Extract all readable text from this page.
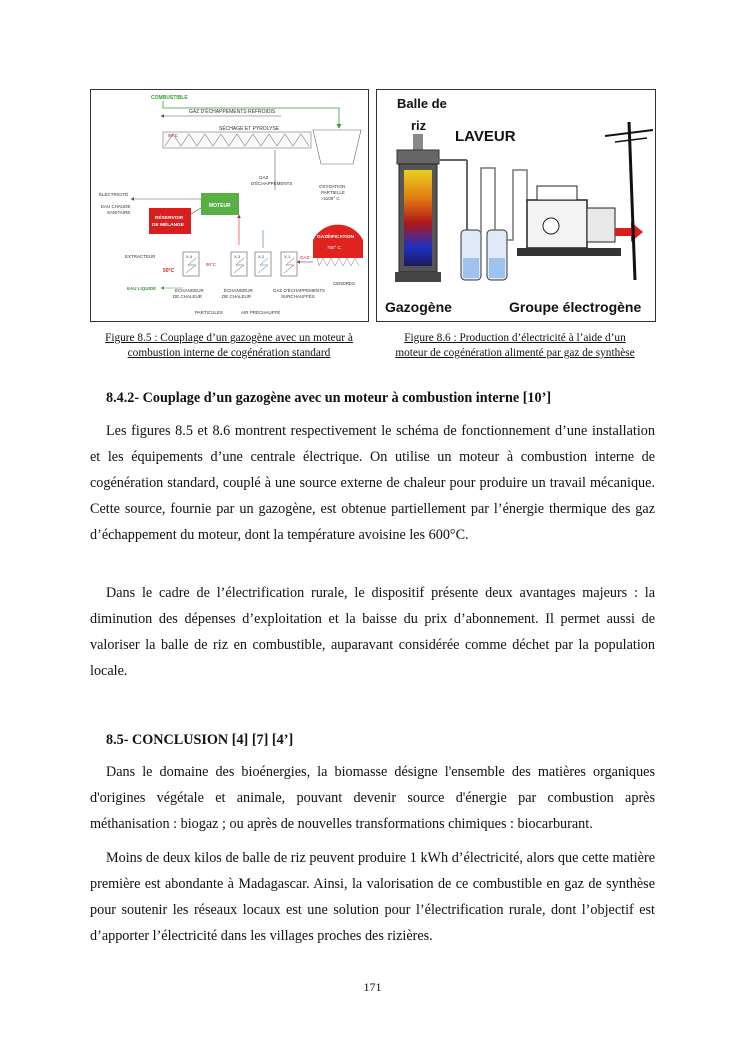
COMBUSTIBLE
GAZ D'ÉCHAPPEMENTS REFROIDIS
SÉCHAGE ET PYROLYSE
90°C
OXYDATION
PARTIELLE
>1100° C
GAZÉIFICATION
750° C
CENDRES
GAZ
D'ÉCHAPPEMENTS
ÉLECTRICITÉ
EAU CHAUDE
SANITAIRE
MOTEUR
RÉSERVOIR
DE MÉLANGE
EXTRACTEUR	X-4	X-3	X-2	X-1 GAZ
90°C
50°C
EAU LIQUIDE	ÉCHANGEUR
DE CHALEUR
ÉCHANGEUR
DE CHALEUR
GAZ D'ÉCHAPPEMENTS
SURCHAUFFÉS
PARTICULES	AIR PRÉCHAUFFÉ
Balle de
riz
LAVEUR
Gazogène	Groupe électrogène
Figure 8.5 : Couplage d’un gazogène avec un moteur à
combustion interne de cogénération standard
Figure 8.6 : Production d’électricité à l’aide d’un
moteur de cogénération alimenté par gaz de synthèse
8.4.2- Couplage d’un gazogène avec un moteur à combustion interne [10’]

Les figures 8.5 et 8.6 montrent respectivement le schéma de fonctionnement d’une installation et les équipements d’une centrale électrique. On utilise un moteur à combustion interne de cogénération standard, couplé à une source externe de chaleur pour produire un travail mécanique. Cette source, fournie par un gazogène, est obtenue partiellement par l’énergie thermique des gaz d’échappement du moteur, dont la température avoisine les 600°C.

Dans le cadre de l’électrification rurale, le dispositif présente deux avantages majeurs : la diminution des dépenses d’exploitation et la baisse du prix d’abonnement. Il permet aussi de valoriser la balle de riz en combustible, auparavant considérée comme déchet par la population locale.

8.5- CONCLUSION [4] [7] [4’]

Dans le domaine des bioénergies, la biomasse désigne l'ensemble des matières organiques d'origines végétale et animale, pouvant devenir source d'énergie par combustion après méthanisation : biogaz ; ou après de nouvelles transformations chimiques : biocarburant.

Moins de deux kilos de balle de riz peuvent produire 1 kWh d’électricité, alors que cette matière première est abondante à Madagascar. Ainsi, la valorisation de ce combustible en gaz de synthèse pour soutenir les réseaux locaux est une solution pour l’électrification rurale, dont l’objectif est d’apporter l’électricité dans les villages proches des rizières.

171
